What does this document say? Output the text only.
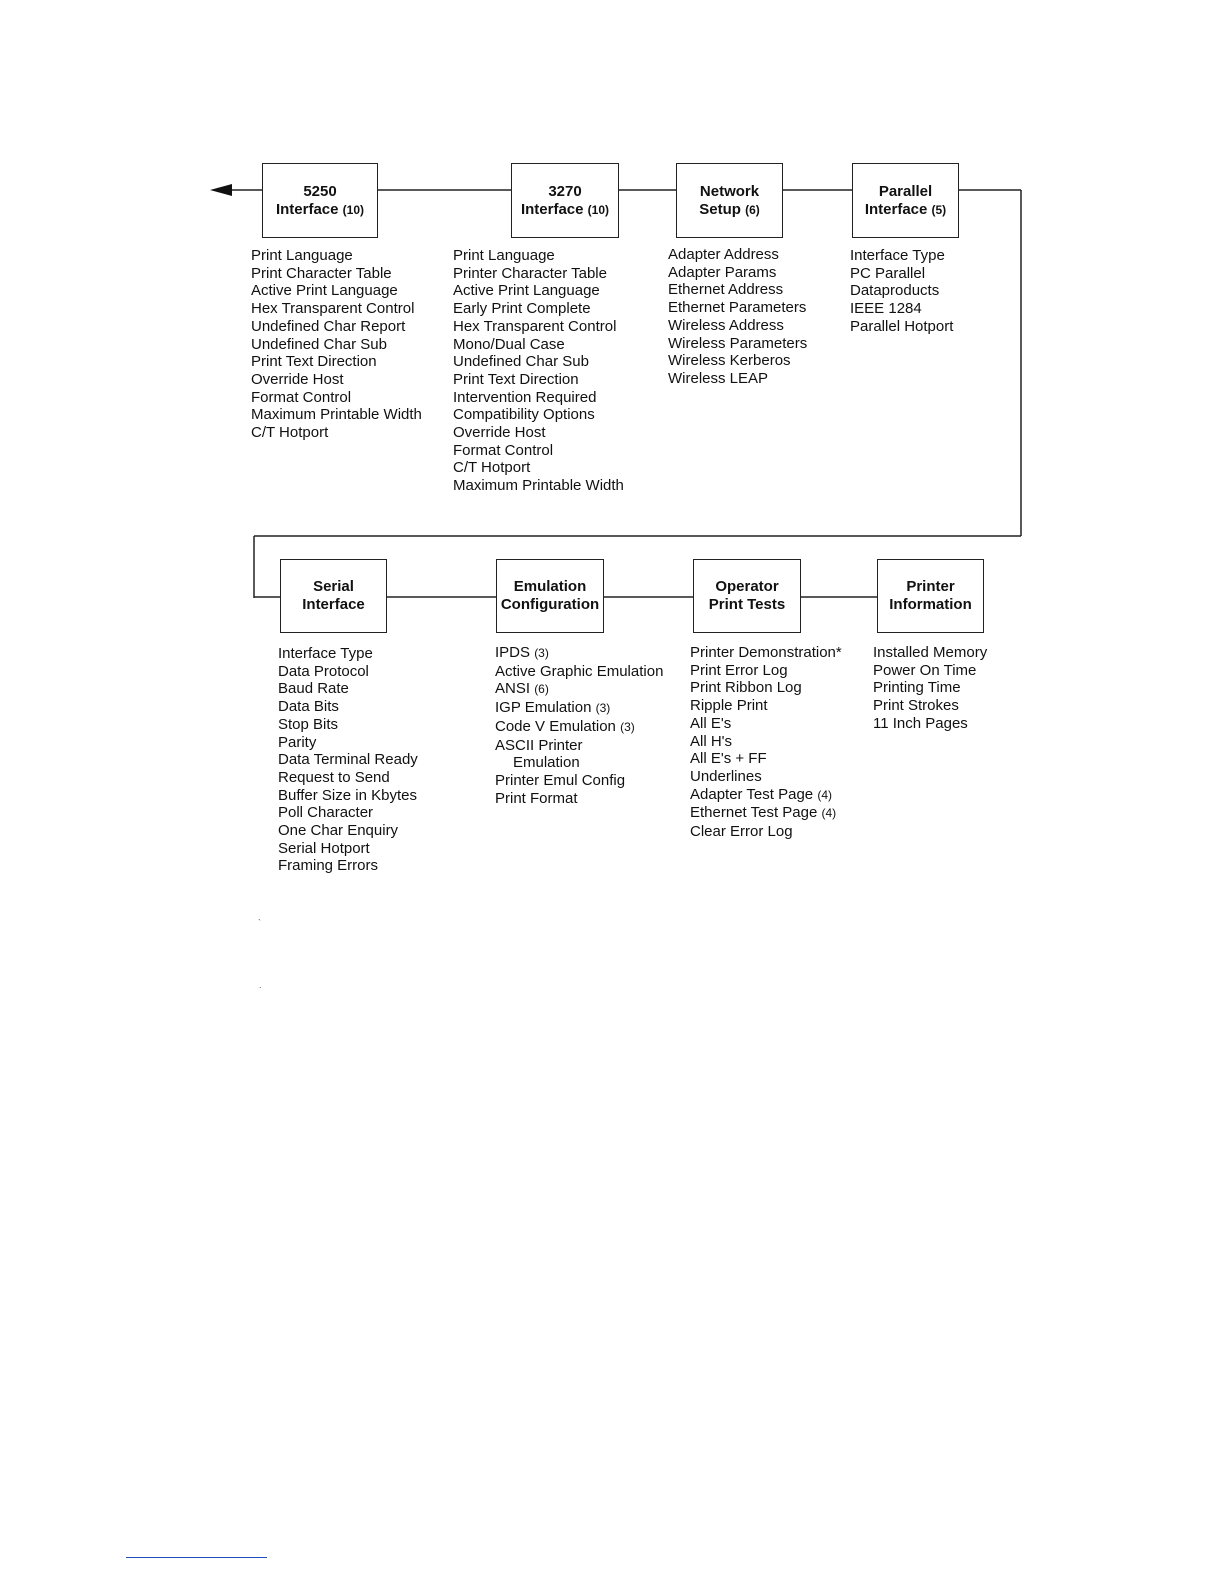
5250
Interface (10)
3270
Interface (10)
Network
Setup (6)
Parallel
Interface (5)
Print Language
Print Character Table
Active Print Language
Hex Transparent Control
Undefined Char Report
Undefined Char Sub
Print Text Direction
Override Host
Format Control
Maximum Printable Width
C/T Hotport
Print Language
Printer Character Table
Active Print Language
Early Print Complete
Hex Transparent Control
Mono/Dual Case
Undefined Char Sub
Print Text Direction
Intervention Required
Compatibility Options
Override Host
Format Control
C/T Hotport
Maximum Printable Width
Adapter Address
Adapter Params
Ethernet Address
Ethernet Parameters
Wireless Address
Wireless Parameters
Wireless Kerberos
Wireless LEAP
Interface Type
PC Parallel
Dataproducts
IEEE 1284
Parallel Hotport
Serial
Interface
Emulation
Configuration
Operator
Print Tests
Printer
Information
Interface Type
Data Protocol
Baud Rate
Data Bits
Stop Bits
Parity
Data Terminal Ready
Request to Send
Buffer Size in Kbytes
Poll Character
One Char Enquiry
Serial Hotport
Framing Errors
IPDS (3)
Active Graphic Emulation
ANSI (6)
IGP Emulation (3)
Code V Emulation (3)
ASCII Printer
Emulation
Printer Emul Config
Print Format
Printer Demonstration*
Print Error Log
Print Ribbon Log
Ripple Print
All E's
All H's
All E's + FF
Underlines
Adapter Test Page (4)
Ethernet Test Page (4)
Clear Error Log
Installed Memory
Power On Time
Printing Time
Print Strokes
11 Inch Pages
`
.
